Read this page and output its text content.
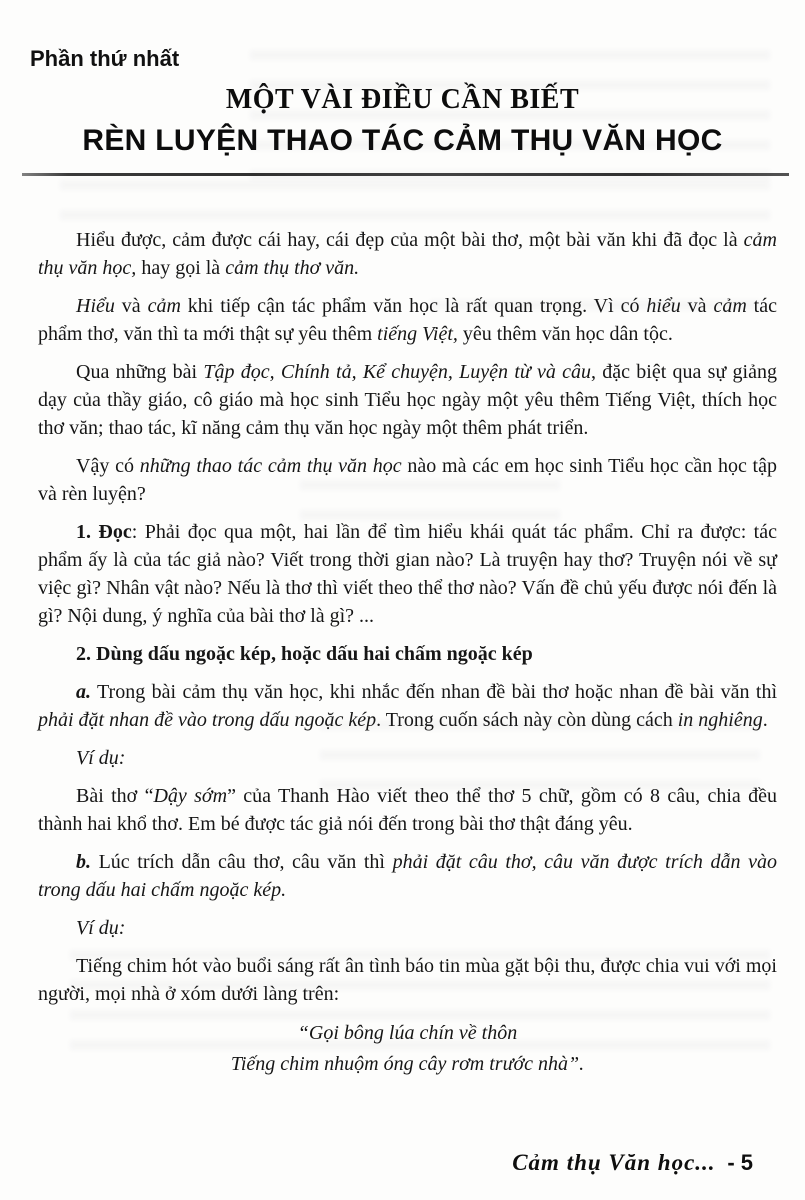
Phần thứ nhất
MỘT VÀI ĐIỀU CẦN BIẾT
RÈN LUYỆN THAO TÁC CẢM THỤ VĂN HỌC

Hiểu được, cảm được cái hay, cái đẹp của một bài thơ, một bài văn khi đã đọc là cảm thụ văn học, hay gọi là cảm thụ thơ văn.

Hiểu và cảm khi tiếp cận tác phẩm văn học là rất quan trọng. Vì có hiểu và cảm tác phẩm thơ, văn thì ta mới thật sự yêu thêm tiếng Việt, yêu thêm văn học dân tộc.

Qua những bài Tập đọc, Chính tả, Kể chuyện, Luyện từ và câu, đặc biệt qua sự giảng dạy của thầy giáo, cô giáo mà học sinh Tiểu học ngày một yêu thêm Tiếng Việt, thích học thơ văn; thao tác, kĩ năng cảm thụ văn học ngày một thêm phát triển.

Vậy có những thao tác cảm thụ văn học nào mà các em học sinh Tiểu học cần học tập và rèn luyện?

1. Đọc: Phải đọc qua một, hai lần để tìm hiểu khái quát tác phẩm. Chỉ ra được: tác phẩm ấy là của tác giả nào? Viết trong thời gian nào? Là truyện hay thơ? Truyện nói về sự việc gì? Nhân vật nào? Nếu là thơ thì viết theo thể thơ nào? Vấn đề chủ yếu được nói đến là gì? Nội dung, ý nghĩa của bài thơ là gì? ...

2. Dùng dấu ngoặc kép, hoặc dấu hai chấm ngoặc kép

a. Trong bài cảm thụ văn học, khi nhắc đến nhan đề bài thơ hoặc nhan đề bài văn thì phải đặt nhan đề vào trong dấu ngoặc kép. Trong cuốn sách này còn dùng cách in nghiêng.

Ví dụ:

Bài thơ “Dậy sớm” của Thanh Hào viết theo thể thơ 5 chữ, gồm có 8 câu, chia đều thành hai khổ thơ. Em bé được tác giả nói đến trong bài thơ thật đáng yêu.

b. Lúc trích dẫn câu thơ, câu văn thì phải đặt câu thơ, câu văn được trích dẫn vào trong dấu hai chấm ngoặc kép.

Ví dụ:

Tiếng chim hót vào buổi sáng rất ân tình báo tin mùa gặt bội thu, được chia vui với mọi người, mọi nhà ở xóm dưới làng trên:

“Gọi bông lúa chín về thôn
Tiếng chim nhuộm óng cây rơm trước nhà”.
Cảm thụ Văn học... - 5
